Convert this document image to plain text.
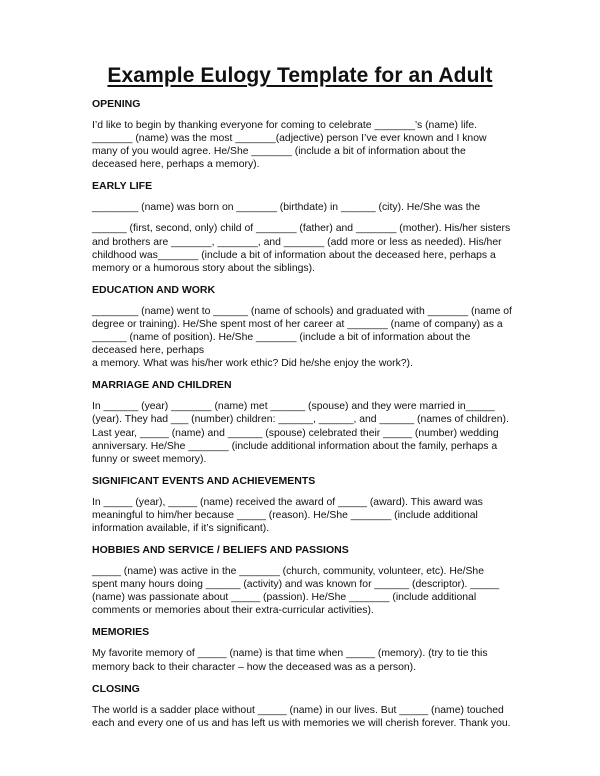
Example Eulogy Template for an Adult
OPENING

I’d like to begin by thanking everyone for coming to celebrate _______’s (name) life. _______ (name) was the most _______(adjective) person I’ve ever known and I know many of you would agree. He/She _______ (include a bit of information about the deceased here, perhaps a memory).

EARLY LIFE

________ (name) was born on _______ (birthdate) in ______ (city). He/She was the

______ (first, second, only) child of _______ (father) and _______ (mother). His/her sisters and brothers are _______, _______, and _______ (add more or less as needed). His/her childhood was_______ (include a bit of information about the deceased here, perhaps a memory or a humorous story about the siblings).

EDUCATION AND WORK

________ (name) went to ______ (name of schools) and graduated with _______ (name of degree or training). He/She spent most of her career at _______ (name of company) as a ______ (name of position). He/She _______ (include a bit of information about the deceased here, perhaps

a memory. What was his/her work ethic? Did he/she enjoy the work?).

MARRIAGE AND CHILDREN

In ______ (year) _______ (name) met ______ (spouse) and they were married in_____ (year). They had ___ (number) children: ______, ______, and ______ (names of children). Last year, _____ (name) and ______ (spouse) celebrated their _____ (number) wedding anniversary. He/She _______ (include additional information about the family, perhaps a funny or sweet memory).

SIGNIFICANT EVENTS AND ACHIEVEMENTS

In _____ (year), _____ (name) received the award of _____ (award). This award was meaningful to him/her because _____ (reason). He/She _______ (include additional information available, if it’s significant).

HOBBIES AND SERVICE / BELIEFS AND PASSIONS

_____ (name) was active in the _______ (church, community, volunteer, etc). He/She spent many hours doing ______ (activity) and was known for ______ (descriptor). _____ (name) was passionate about _____ (passion). He/She _______ (include additional comments or memories about their extra-curricular activities).

MEMORIES

My favorite memory of _____ (name) is that time when _____ (memory). (try to tie this memory back to their character – how the deceased was as a person).

CLOSING

The world is a sadder place without _____ (name) in our lives. But _____ (name) touched each and every one of us and has left us with memories we will cherish forever. Thank you.
